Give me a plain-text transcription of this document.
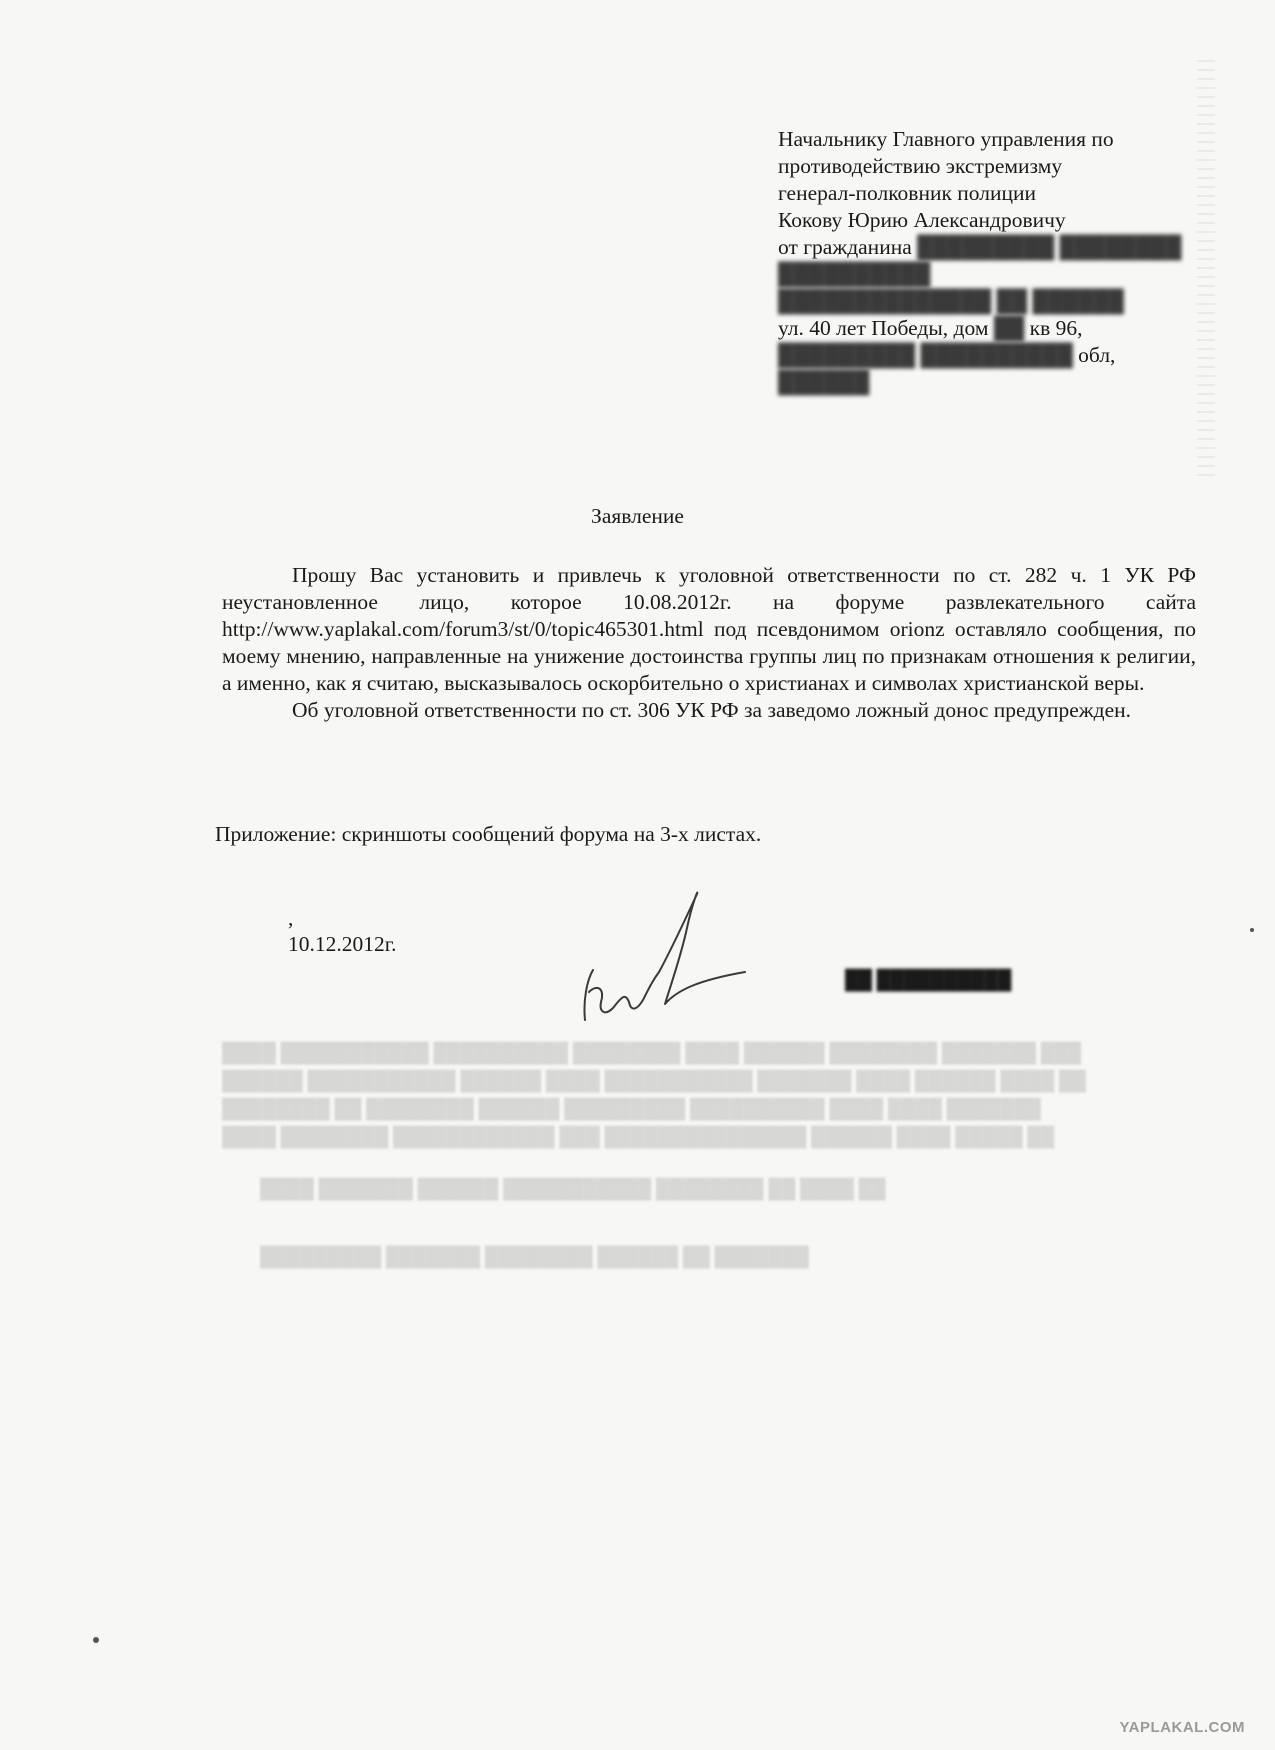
Начальнику Главного управления по
противодействию экстремизму
генерал-полковник полиции
Кокову Юрию Александровичу
от гражданина █████████ ████████
██████████
██████████████ ██ ██████
ул. 40 лет Победы, дом ██ кв 96,
█████████ ██████████ обл,
██████
Заявление

Прошу Вас установить и привлечь к уголовной ответственности по ст. 282 ч. 1 УК РФ неустановленное лицо, которое 10.08.2012г. на форуме развлекательного сайта http://www.yaplakal.com/forum3/st/0/topic465301.html под псевдонимом orionz оставляло сообщения, по моему мнению, направленные на унижение достоинства группы лиц по признакам отношения к религии, а именно, как я считаю, высказывалось оскорбительно о христианах и символах христианской веры.

Об уголовной ответственности по ст. 306 УК РФ за заведомо ложный донос предупрежден.

Приложение: скриншоты сообщений форума на 3-х листах.
,
10.12.2012г.
██ ██████████
████ ███████████ ██████████ ████████ ████ ██████ ████████ ███████ ███
██████ ███████████ ██████ ████ ███████████ ███████ ████ ██████ ████ ██
████████ ██ ████████ ██████ █████████ ██████████ ████ ████ ███████
████ ████████ ████████████ ███ ███████████████ ██████ ████ █████ ██
████ ███████ ██████ ███████████ ████████ ██ ████ ██
█████████ ███████ ████████ ██████ ██ ███████
YAPLAKAL.COM
